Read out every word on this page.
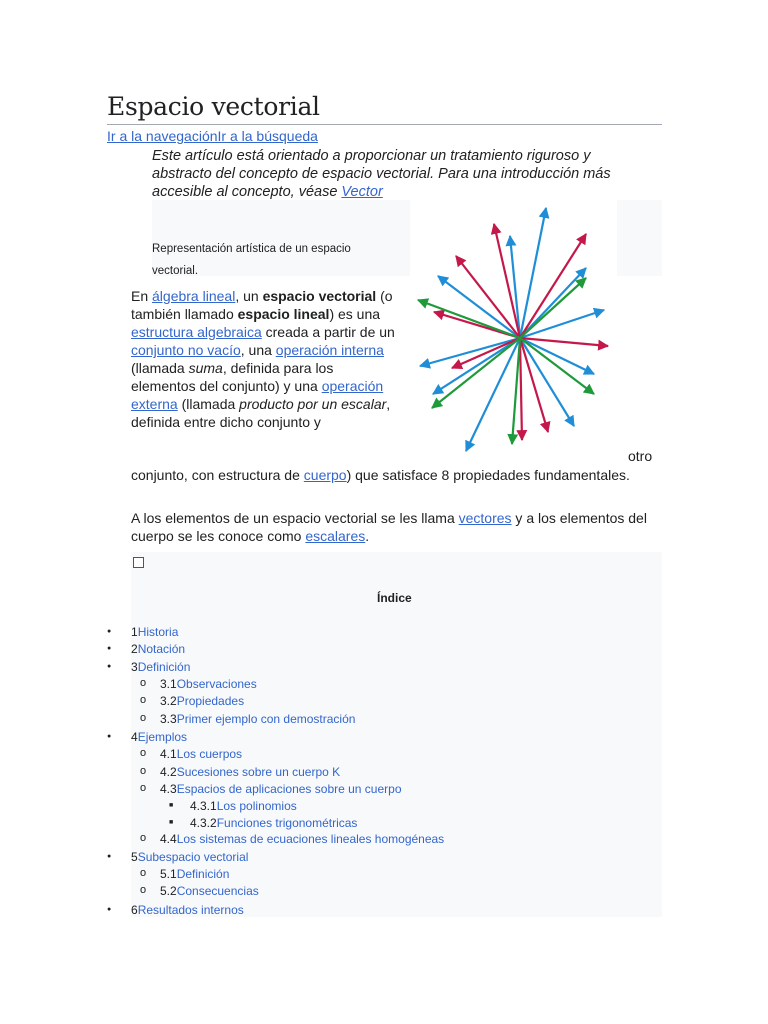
Espacio vectorial
Ir a la navegaciónIr a la búsqueda
Este artículo está orientado a proporcionar un tratamiento riguroso y abstracto del concepto de espacio vectorial. Para una introducción más accesible al concepto, véase Vector
Representación artística de un espacio vectorial.
En álgebra lineal, un espacio vectorial (o también llamado espacio lineal) es una estructura algebraica creada a partir de un conjunto no vacío, una operación interna (llamada suma, definida para los elementos del conjunto) y una operación externa (llamada producto por un escalar, definida entre dicho conjunto y
otro

conjunto, con estructura de cuerpo) que satisface 8 propiedades fundamentales.
A los elementos de un espacio vectorial se les llama vectores y a los elementos del cuerpo se les conoce como escalares.
Índice
● 1Historia
● 2Notación
● 3Definición
o 3.1Observaciones
o 3.2Propiedades
o 3.3Primer ejemplo con demostración
● 4Ejemplos
o 4.1Los cuerpos
o 4.2Sucesiones sobre un cuerpo K
o 4.3Espacios de aplicaciones sobre un cuerpo
■ 4.3.1Los polinomios
■ 4.3.2Funciones trigonométricas
o 4.4Los sistemas de ecuaciones lineales homogéneas
● 5Subespacio vectorial
o 5.1Definición
o 5.2Consecuencias
● 6Resultados internos
